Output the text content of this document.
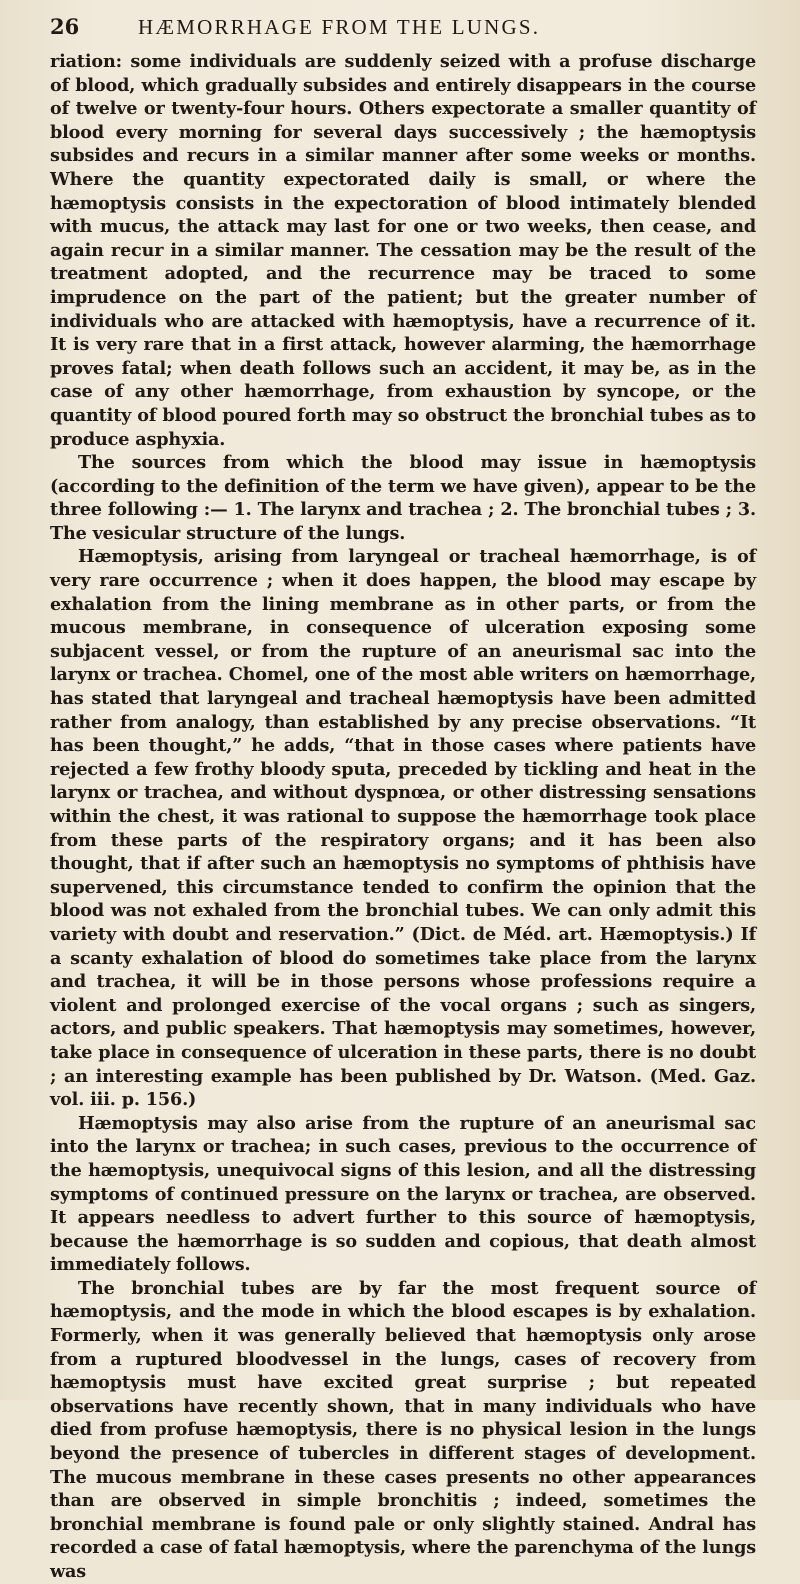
26	HÆMORRHAGE FROM THE LUNGS.

riation: some individuals are suddenly seized with a profuse discharge of blood, which gradually subsides and entirely disappears in the course of twelve or twenty-four hours. Others expectorate a smaller quantity of blood every morning for several days successively ; the hæmoptysis subsides and recurs in a similar manner after some weeks or months. Where the quantity expectorated daily is small, or where the hæmoptysis consists in the expectoration of blood intimately blended with mucus, the attack may last for one or two weeks, then cease, and again recur in a similar manner. The cessation may be the result of the treatment adopted, and the recurrence may be traced to some imprudence on the part of the patient; but the greater number of individuals who are attacked with hæmoptysis, have a recurrence of it. It is very rare that in a first attack, however alarming, the hæmorrhage proves fatal; when death follows such an accident, it may be, as in the case of any other hæmorrhage, from exhaustion by syncope, or the quantity of blood poured forth may so obstruct the bronchial tubes as to produce asphyxia.

The sources from which the blood may issue in hæmoptysis (according to the definition of the term we have given), appear to be the three following :— 1. The larynx and trachea ; 2. The bronchial tubes ; 3. The vesicular structure of the lungs.

Hæmoptysis, arising from laryngeal or tracheal hæmorrhage, is of very rare occurrence ; when it does happen, the blood may escape by exhalation from the lining membrane as in other parts, or from the mucous membrane, in consequence of ulceration exposing some subjacent vessel, or from the rupture of an aneurismal sac into the larynx or trachea. Chomel, one of the most able writers on hæmorrhage, has stated that laryngeal and tracheal hæmoptysis have been admitted rather from analogy, than established by any precise observations. “It has been thought,” he adds, “that in those cases where patients have rejected a few frothy bloody sputa, preceded by tickling and heat in the larynx or trachea, and without dyspnœa, or other distressing sensations within the chest, it was rational to suppose the hæmorrhage took place from these parts of the respiratory organs; and it has been also thought, that if after such an hæmoptysis no symptoms of phthisis have supervened, this circumstance tended to confirm the opinion that the blood was not exhaled from the bronchial tubes. We can only admit this variety with doubt and reservation.” (Dict. de Méd. art. Hæmoptysis.) If a scanty exhalation of blood do sometimes take place from the larynx and trachea, it will be in those persons whose professions require a violent and prolonged exercise of the vocal organs ; such as singers, actors, and public speakers. That hæmoptysis may sometimes, however, take place in consequence of ulceration in these parts, there is no doubt ; an interesting example has been published by Dr. Watson. (Med. Gaz. vol. iii. p. 156.)

Hæmoptysis may also arise from the rupture of an aneurismal sac into the larynx or trachea; in such cases, previous to the occurrence of the hæmoptysis, unequivocal signs of this lesion, and all the distressing symptoms of continued pressure on the larynx or trachea, are observed. It appears needless to advert further to this source of hæmoptysis, because the hæmorrhage is so sudden and copious, that death almost immediately follows.

The bronchial tubes are by far the most frequent source of hæmoptysis, and the mode in which the blood escapes is by exhalation. Formerly, when it was generally believed that hæmoptysis only arose from a ruptured bloodvessel in the lungs, cases of recovery from hæmoptysis must have excited great surprise ; but repeated observations have recently shown, that in many individuals who have died from profuse hæmoptysis, there is no physical lesion in the lungs beyond the presence of tubercles in different stages of development. The mucous membrane in these cases presents no other appearances than are observed in simple bronchitis ; indeed, sometimes the bronchial membrane is found pale or only slightly stained. Andral has recorded a case of fatal hæmoptysis, where the parenchyma of the lungs was
